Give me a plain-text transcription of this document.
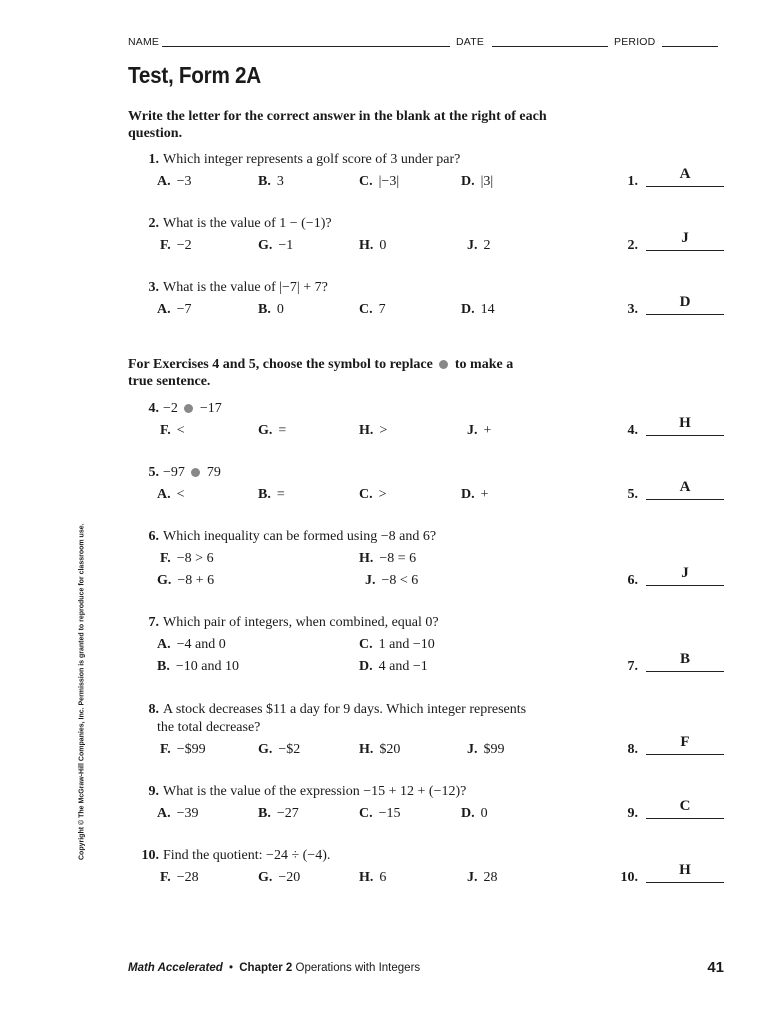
NAME	DATE	PERIOD
Test, Form 2A
Write the letter for the correct answer in the blank at the right of each question.
1. Which integer represents a golf score of 3 under par?
A. −3	B. 3	C. |−3|	D. |3|	1.	A
2. What is the value of 1 − (−1)?
F. −2	G. −1	H. 0	J. 2	2.	J
3. What is the value of |−7| + 7?
A. −7	B. 0	C. 7	D. 14	3.	D
For Exercises 4 and 5, choose the symbol to replace to make a true sentence.
4. −2 −17
F. <	G. =	H. >	J. +	4.	H
5. −97 79
A. <	B. =	C. >	D. +	5.	A
6. Which inequality can be formed using −8 and 6?
F. −8 > 6	H. −8 = 6
G. −8 + 6	J. −8 < 6	6.	J
7. Which pair of integers, when combined, equal 0?
A. −4 and 0	C. 1 and −10
B. −10 and 10	D. 4 and −1	7.	B
8. A stock decreases $11 a day for 9 days. Which integer represents
the total decrease?
F. −$99	G. −$2	H. $20	J. $99	8.	F
9. What is the value of the expression −15 + 12 + (−12)?
A. −39	B. −27	C. −15	D. 0	9.	C
10. Find the quotient: −24 ÷ (−4).
F. −28	G. −20	H. 6	J. 28	10.	H
Copyright © The McGraw-Hill Companies, Inc. Permission is granted to reproduce for classroom use.
Math Accelerated • Chapter 2 Operations with Integers	41
